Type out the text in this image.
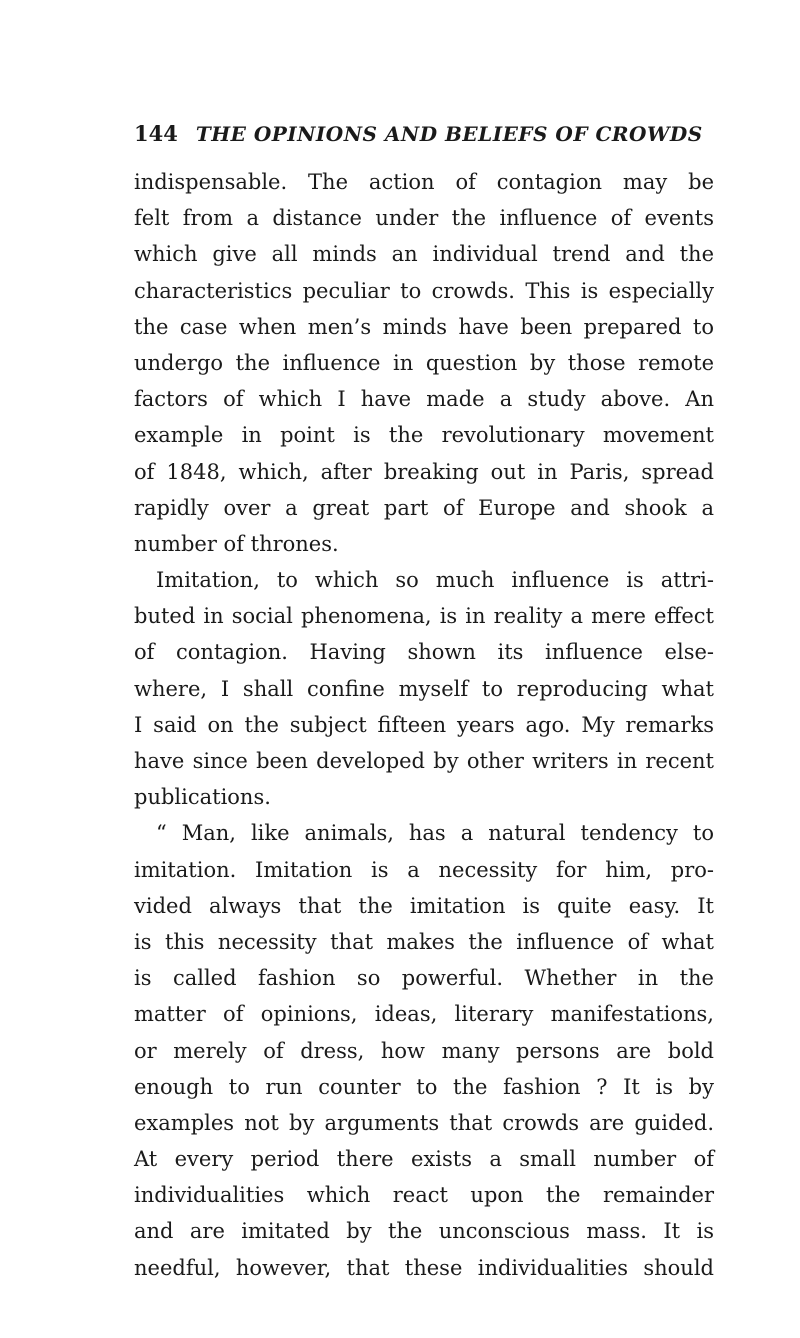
144 THE OPINIONS AND BELIEFS OF CROWDS
indispensable. The action of contagion may be
felt from a distance under the influence of events
which give all minds an individual trend and the
characteristics peculiar to crowds. This is especially
the case when men’s minds have been prepared to
undergo the influence in question by those remote
factors of which I have made a study above. An
example in point is the revolutionary movement
of 1848, which, after breaking out in Paris, spread
rapidly over a great part of Europe and shook a
number of thrones.
Imitation, to which so much influence is attri-
buted in social phenomena, is in reality a mere effect
of contagion. Having shown its influence else-
where, I shall confine myself to reproducing what
I said on the subject fifteen years ago. My remarks
have since been developed by other writers in recent
publications.
“ Man, like animals, has a natural tendency to
imitation. Imitation is a necessity for him, pro-
vided always that the imitation is quite easy. It
is this necessity that makes the influence of what
is called fashion so powerful. Whether in the
matter of opinions, ideas, literary manifestations,
or merely of dress, how many persons are bold
enough to run counter to the fashion ? It is by
examples not by arguments that crowds are guided.
At every period there exists a small number of
individualities which react upon the remainder
and are imitated by the unconscious mass. It is
needful, however, that these individualities should
